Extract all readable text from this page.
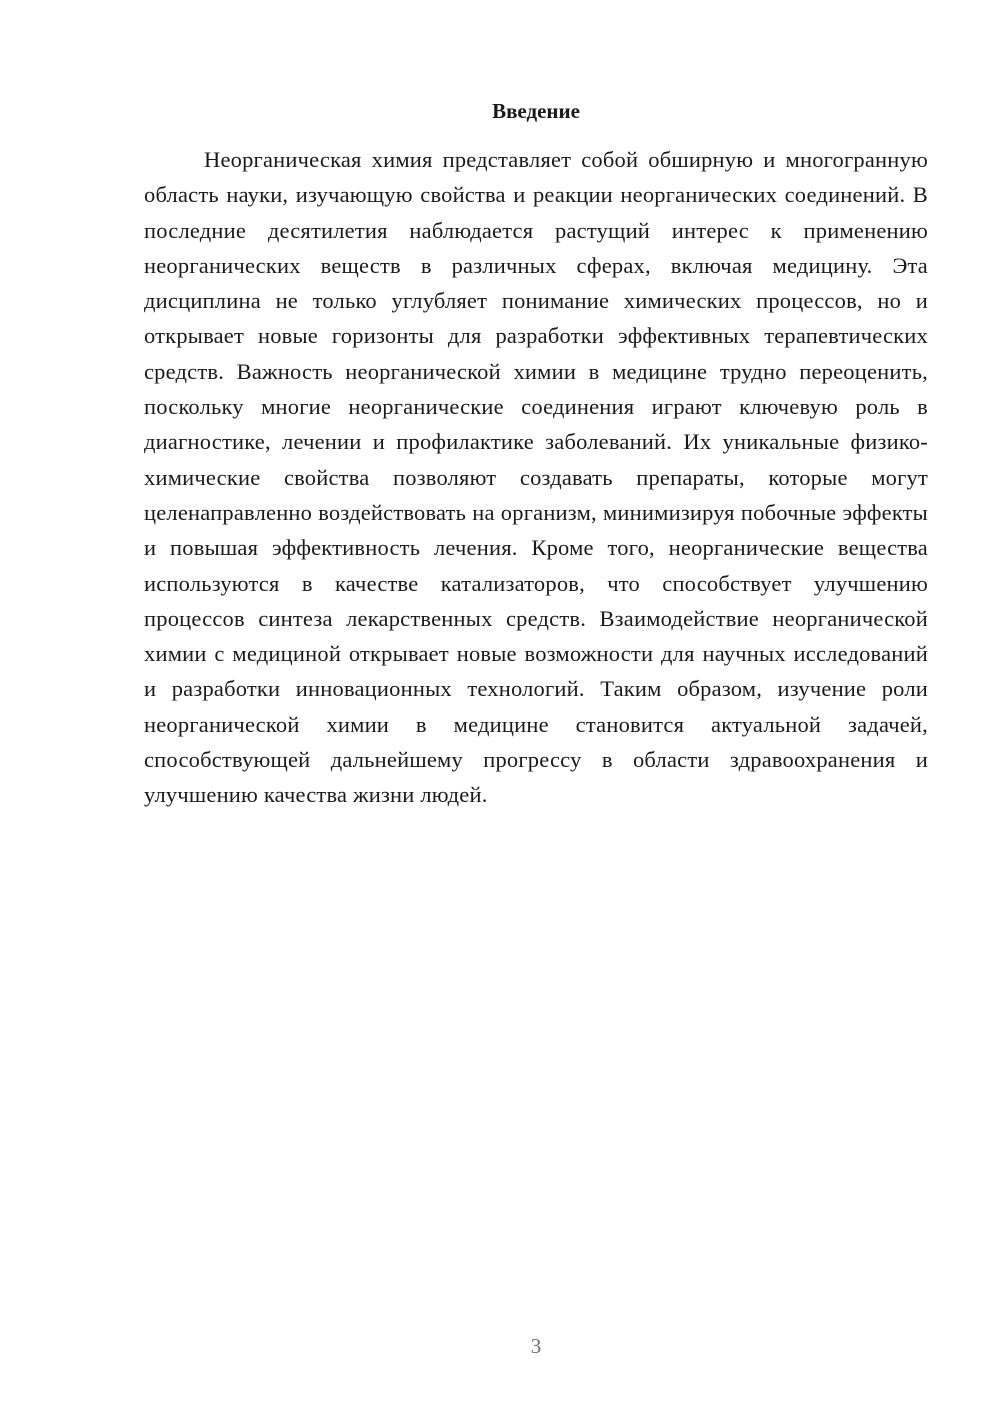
Введение

Неорганическая химия представляет собой обширную и многогранную область науки, изучающую свойства и реакции неорганических соединений. В последние десятилетия наблюдается растущий интерес к применению неорганических веществ в различных сферах, включая медицину. Эта дисциплина не только углубляет понимание химических процессов, но и открывает новые горизонты для разработки эффективных терапевтических средств. Важность неорганической химии в медицине трудно переоценить, поскольку многие неорганические соединения играют ключевую роль в диагностике, лечении и профилактике заболеваний. Их уникальные физико-химические свойства позволяют создавать препараты, которые могут целенаправленно воздействовать на организм, минимизируя побочные эффекты и повышая эффективность лечения. Кроме того, неорганические вещества используются в качестве катализаторов, что способствует улучшению процессов синтеза лекарственных средств. Взаимодействие неорганической химии с медициной открывает новые возможности для научных исследований и разработки инновационных технологий. Таким образом, изучение роли неорганической химии в медицине становится актуальной задачей, способствующей дальнейшему прогрессу в области здравоохранения и улучшению качества жизни людей.

3
